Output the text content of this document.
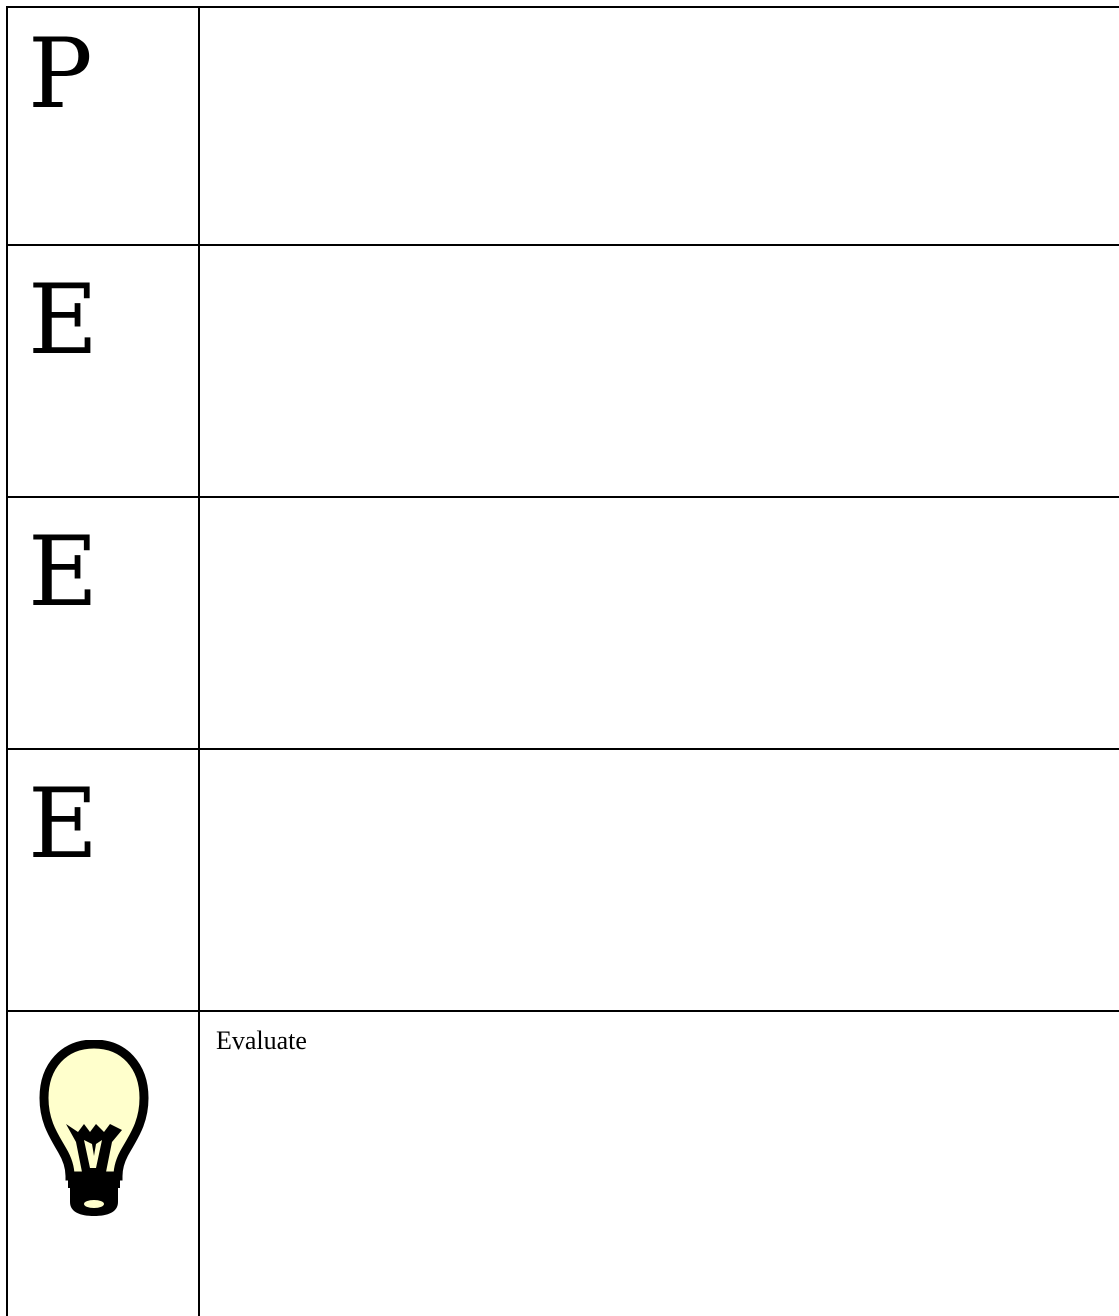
P
E
E
E
Evaluate
